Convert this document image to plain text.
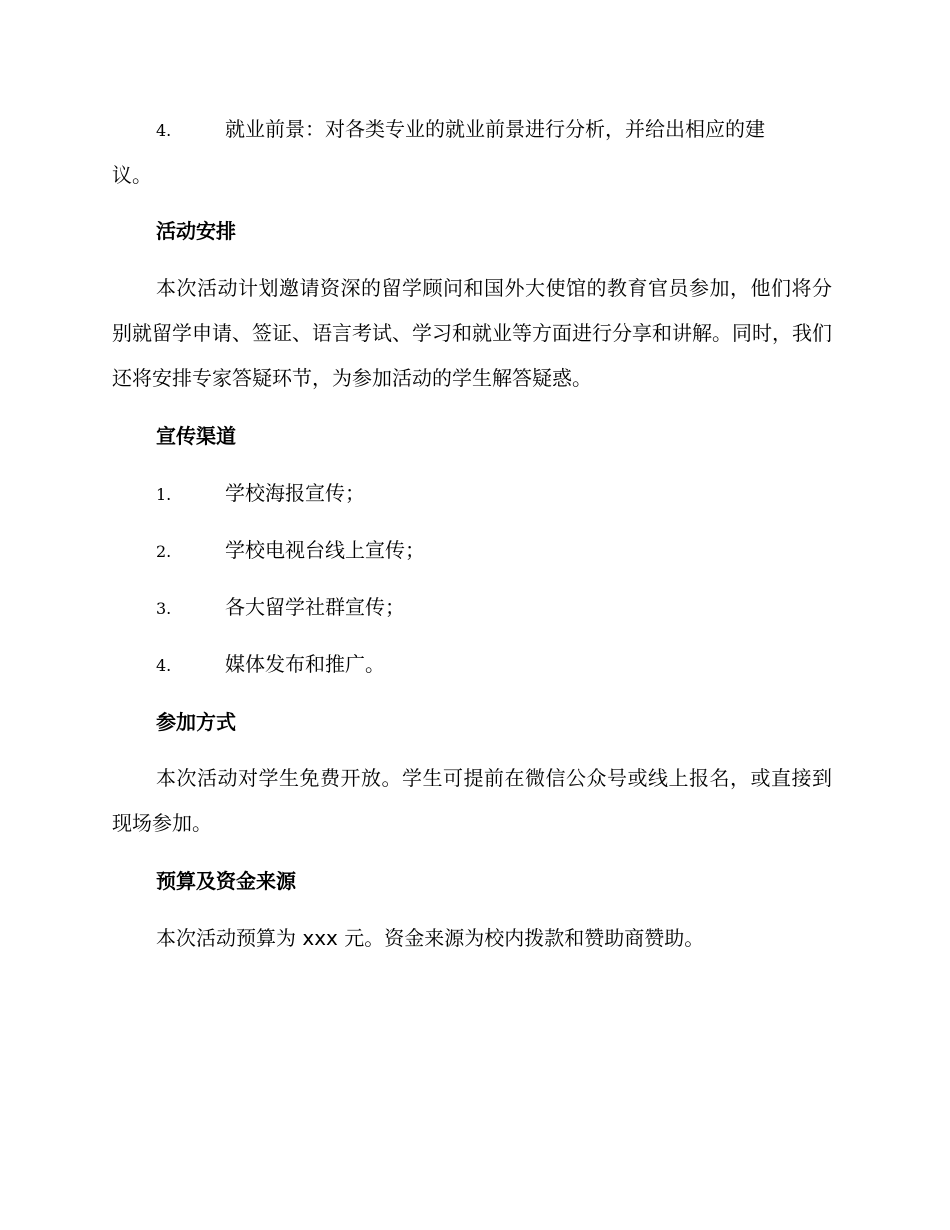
4.	就业前景：对各类专业的就业前景进行分析，并给出相应的建
议。
活动安排

本次活动计划邀请资深的留学顾问和国外大使馆的教育官员参加，他们将分别就留学申请、签证、语言考试、学习和就业等方面进行分享和讲解。同时，我们还将安排专家答疑环节，为参加活动的学生解答疑惑。

宣传渠道
1.	学校海报宣传；
2.	学校电视台线上宣传；
3.	各大留学社群宣传；
4.	媒体发布和推广。
参加方式

本次活动对学生免费开放。学生可提前在微信公众号或线上报名，或直接到现场参加。

预算及资金来源

本次活动预算为 xxx 元。资金来源为校内拨款和赞助商赞助。
